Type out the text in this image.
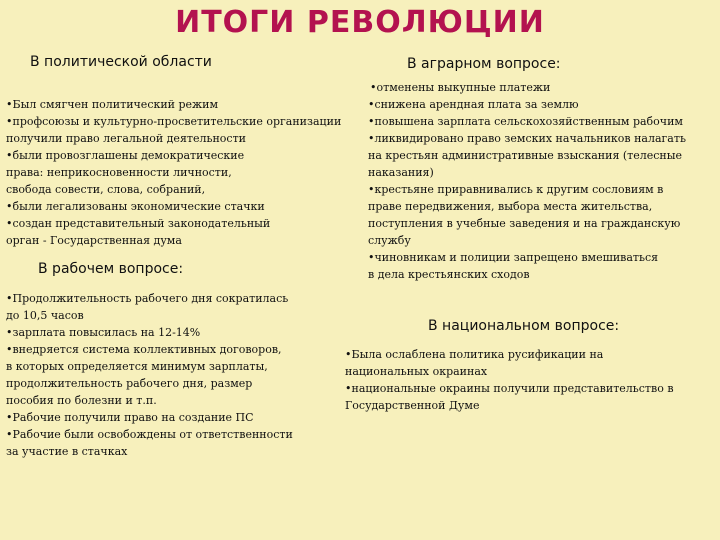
ИТОГИ РЕВОЛЮЦИИ
В политической области
•Был смягчен политический режим
•профсоюзы и культурно-просветительские организации
получили право легальной деятельности
•были провозглашены демократические
права: неприкосновенности личности,
свобода совести, слова, собраний,
•были легализованы экономические стачки
•создан представительный законодательный
орган - Государственная дума
В аграрном вопросе:
•отменены выкупные платежи
•снижена арендная плата за землю
•повышена зарплата сельскохозяйственным рабочим
•ликвидировано право земских начальников налагать
на крестьян административные взыскания (телесные
наказания)
•крестьяне приравнивались к другим сословиям в
праве передвижения, выбора места жительства,
поступления в учебные заведения и на гражданскую
службу
•чиновникам и полиции запрещено вмешиваться
в дела крестьянских сходов
В рабочем вопросе:
•Продолжительность рабочего дня сократилась
до 10,5 часов
•зарплата повысилась на 12-14%
•внедряется система коллективных договоров,
в которых определяется минимум зарплаты,
продолжительность рабочего дня, размер
пособия по болезни и т.п.
•Рабочие получили право на создание ПС
•Рабочие были освобождены от ответственности
за участие в стачках
В национальном вопросе:
•Была ослаблена политика русификации на
национальных окраинах
•национальные окраины получили представительство в
Государственной Думе
